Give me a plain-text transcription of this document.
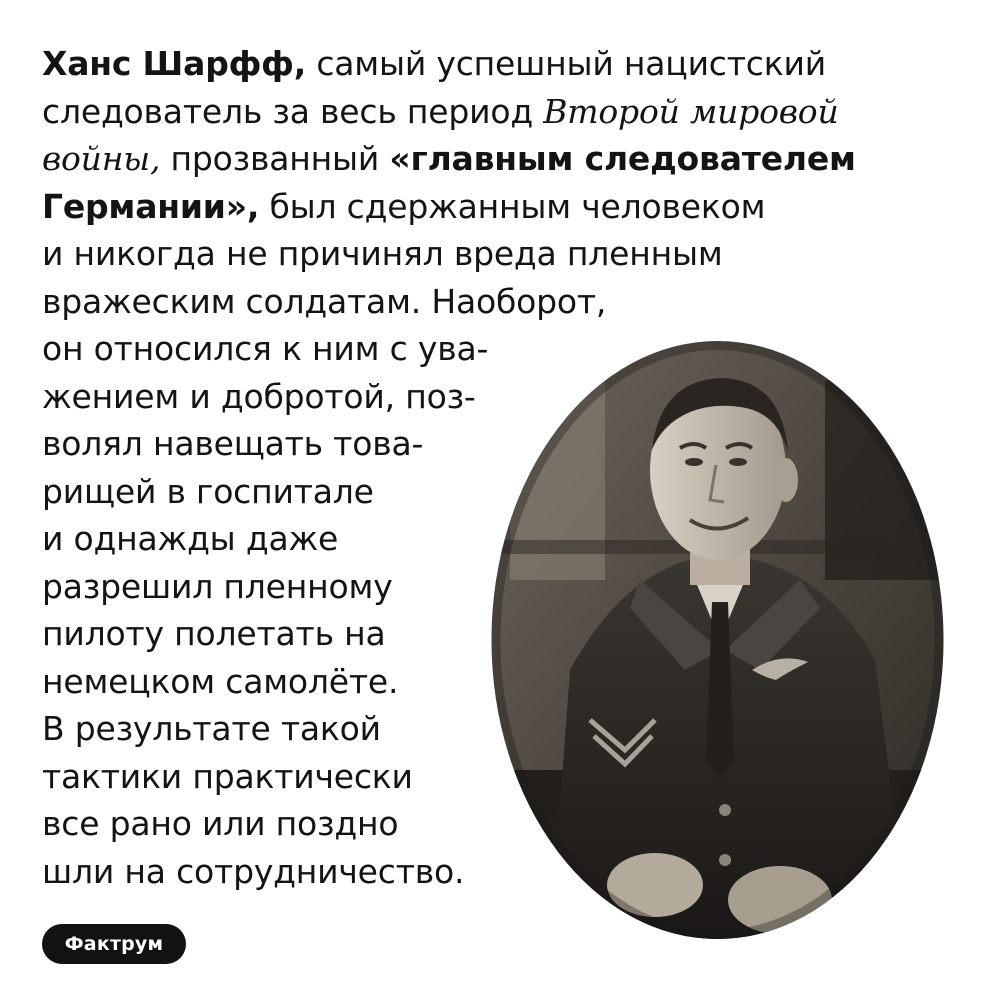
Ханс Шарфф, самый успешный нацистский
следователь за весь период Второй мировой
войны, прозванный «главным следователем
Германии», был сдержанным человеком
и никогда не причинял вреда пленным
вражеским солдатам. Наоборот,
он относился к ним с ува-
жением и добротой, поз-
волял навещать това-
рищей в госпитале
и однажды даже
разрешил пленному
пилоту полетать на
немецком самолёте.
В результате такой
тактики практически
все рано или поздно
шли на сотрудничество.
Фактрум
